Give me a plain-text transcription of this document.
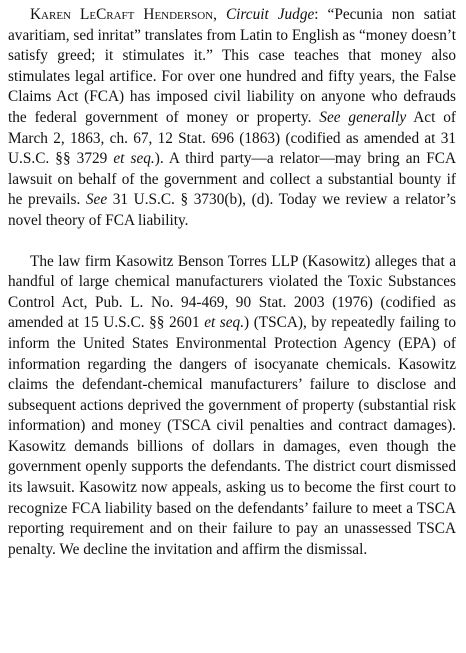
Karen LeCraft Henderson, Circuit Judge: “Pecunia non satiat avaritiam, sed inritat” translates from Latin to English as “money doesn’t satisfy greed; it stimulates it.” This case teaches that money also stimulates legal artifice. For over one hundred and fifty years, the False Claims Act (FCA) has imposed civil liability on anyone who defrauds the federal government of money or property. See generally Act of March 2, 1863, ch. 67, 12 Stat. 696 (1863) (codified as amended at 31 U.S.C. §§ 3729 et seq.). A third party—a relator—may bring an FCA lawsuit on behalf of the government and collect a substantial bounty if he prevails. See 31 U.S.C. § 3730(b), (d). Today we review a relator’s novel theory of FCA liability.

The law firm Kasowitz Benson Torres LLP (Kasowitz) alleges that a handful of large chemical manufacturers violated the Toxic Substances Control Act, Pub. L. No. 94-469, 90 Stat. 2003 (1976) (codified as amended at 15 U.S.C. §§ 2601 et seq.) (TSCA), by repeatedly failing to inform the United States Environmental Protection Agency (EPA) of information regarding the dangers of isocyanate chemicals. Kasowitz claims the defendant-chemical manufacturers’ failure to disclose and subsequent actions deprived the government of property (substantial risk information) and money (TSCA civil penalties and contract damages). Kasowitz demands billions of dollars in damages, even though the government openly supports the defendants. The district court dismissed its lawsuit. Kasowitz now appeals, asking us to become the first court to recognize FCA liability based on the defendants’ failure to meet a TSCA reporting requirement and on their failure to pay an unassessed TSCA penalty. We decline the invitation and affirm the dismissal.
